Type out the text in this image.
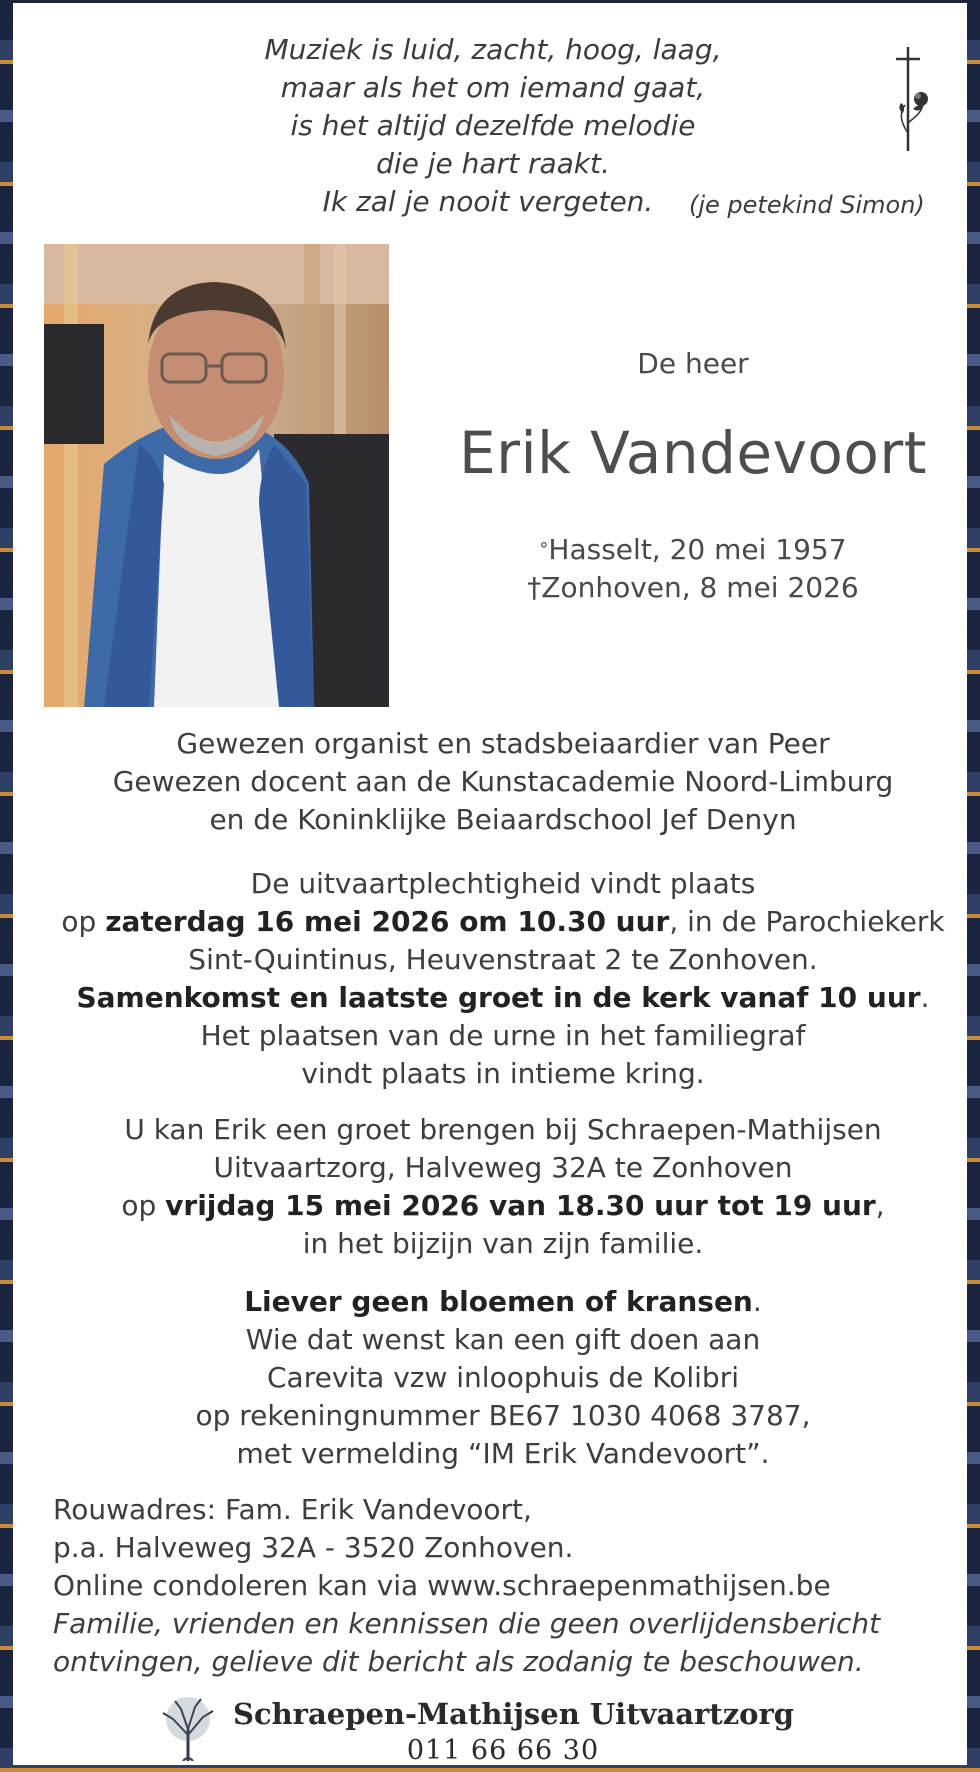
Muziek is luid, zacht, hoog, laag,
maar als het om iemand gaat,
is het altijd dezelfde melodie
die je hart raakt.
Ik zal je nooit vergeten.	(je petekind Simon)
De heer
Erik Vandevoort
°Hasselt, 20 mei 1957
†Zonhoven, 8 mei 2026
Gewezen organist en stadsbeiaardier van Peer
Gewezen docent aan de Kunstacademie Noord-Limburg
en de Koninklijke Beiaardschool Jef Denyn
De uitvaartplechtigheid vindt plaats
op zaterdag 16 mei 2026 om 10.30 uur, in de Parochiekerk
Sint-Quintinus, Heuvenstraat 2 te Zonhoven.
Samenkomst en laatste groet in de kerk vanaf 10 uur.
Het plaatsen van de urne in het familiegraf
vindt plaats in intieme kring.
U kan Erik een groet brengen bij Schraepen-Mathijsen
Uitvaartzorg, Halveweg 32A te Zonhoven
op vrijdag 15 mei 2026 van 18.30 uur tot 19 uur,
in het bijzijn van zijn familie.
Liever geen bloemen of kransen.
Wie dat wenst kan een gift doen aan
Carevita vzw inloophuis de Kolibri
op rekeningnummer BE67 1030 4068 3787,
met vermelding “IM Erik Vandevoort”.
Rouwadres: Fam. Erik Vandevoort,
p.a. Halveweg 32A - 3520 Zonhoven.
Online condoleren kan via www.schraepenmathijsen.be
Familie, vrienden en kennissen die geen overlijdensbericht
ontvingen, gelieve dit bericht als zodanig te beschouwen.
Schraepen-Mathijsen Uitvaartzorg
011 66 66 30
